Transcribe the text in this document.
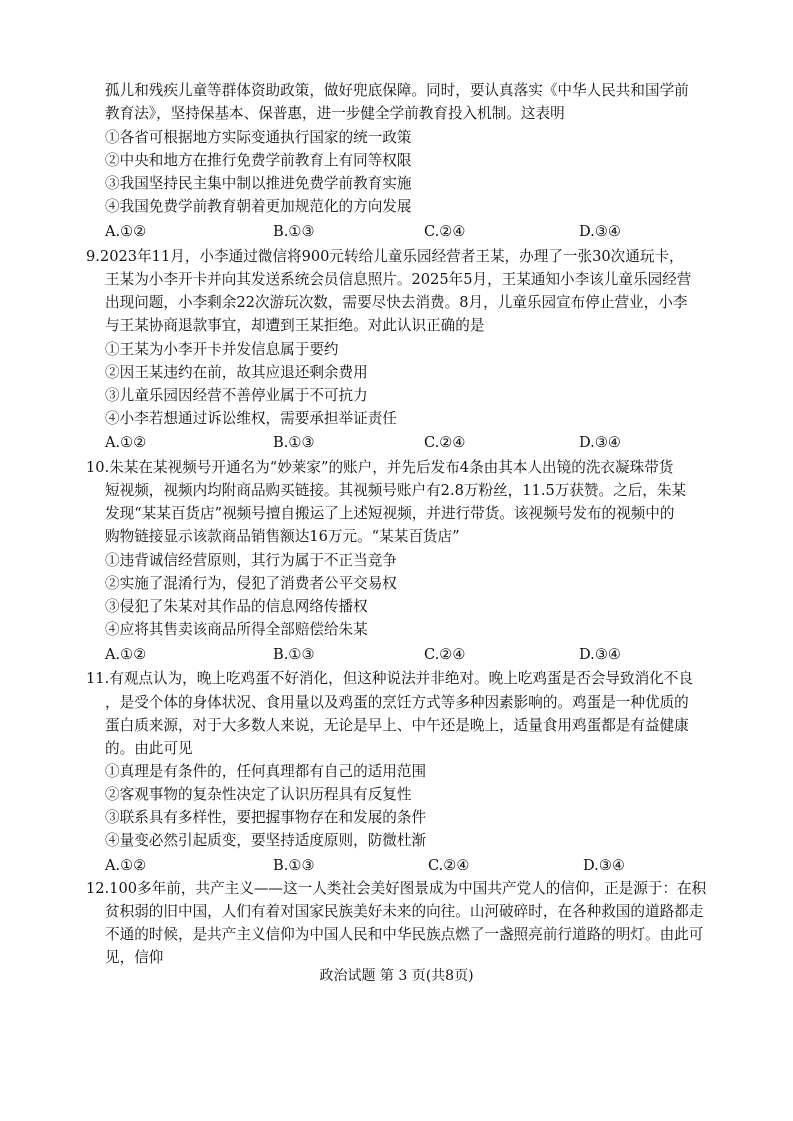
孤儿和残疾儿童等群体资助政策，做好兜底保障。同时，要认真落实《中华人民共和国学前
教育法》，坚持保基本、保普惠，进一步健全学前教育投入机制。这表明
①各省可根据地方实际变通执行国家的统一政策
②中央和地方在推行免费学前教育上有同等权限
③我国坚持民主集中制以推进免费学前教育实施
④我国免费学前教育朝着更加规范化的方向发展
A.①②	B.①③	C.②④	D.③④
9.2023年11月，小李通过微信将900元转给儿童乐园经营者王某，办理了一张30次通玩卡，
王某为小李开卡并向其发送系统会员信息照片。2025年5月，王某通知小李该儿童乐园经营
出现问题，小李剩余22次游玩次数，需要尽快去消费。8月，儿童乐园宣布停止营业，小李
与王某协商退款事宜，却遭到王某拒绝。对此认识正确的是
①王某为小李开卡并发信息属于要约
②因王某违约在前，故其应退还剩余费用
③儿童乐园因经营不善停业属于不可抗力
④小李若想通过诉讼维权，需要承担举证责任
A.①②	B.①③	C.②④	D.③④
10.朱某在某视频号开通名为“妙莱家”的账户，并先后发布4条由其本人出镜的洗衣凝珠带货
短视频，视频内均附商品购买链接。其视频号账户有2.8万粉丝，11.5万获赞。之后，朱某
发现“某某百货店”视频号擅自搬运了上述短视频，并进行带货。该视频号发布的视频中的
购物链接显示该款商品销售额达16万元。“某某百货店”
①违背诚信经营原则，其行为属于不正当竞争
②实施了混淆行为，侵犯了消费者公平交易权
③侵犯了朱某对其作品的信息网络传播权
④应将其售卖该商品所得全部赔偿给朱某
A.①②	B.①③	C.②④	D.③④
11.有观点认为，晚上吃鸡蛋不好消化，但这种说法并非绝对。晚上吃鸡蛋是否会导致消化不良
，是受个体的身体状况、食用量以及鸡蛋的烹饪方式等多种因素影响的。鸡蛋是一种优质的
蛋白质来源，对于大多数人来说，无论是早上、中午还是晚上，适量食用鸡蛋都是有益健康
的。由此可见
①真理是有条件的，任何真理都有自己的适用范围
②客观事物的复杂性决定了认识历程具有反复性
③联系具有多样性，要把握事物存在和发展的条件
④量变必然引起质变，要坚持适度原则，防微杜渐
A.①②	B.①③	C.②④	D.③④
12.100多年前，共产主义——这一人类社会美好图景成为中国共产党人的信仰，正是源于：在积
贫积弱的旧中国，人们有着对国家民族美好未来的向往。山河破碎时，在各种救国的道路都走
不通的时候，是共产主义信仰为中国人民和中华民族点燃了一盏照亮前行道路的明灯。由此可
见，信仰
政治试题 第 3 页(共8页)
